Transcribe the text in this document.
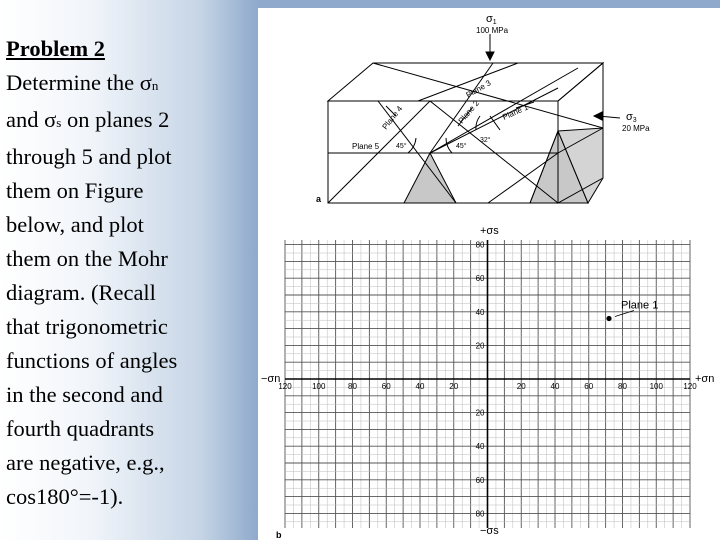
Problem 2
Determine the σn
and σs on planes 2
through 5 and plot
them on Figure
below, and plot
them on the Mohr
diagram. (Recall
that trigonometric
functions of angles
in the second and
fourth quadrants
are negative, e.g.,
cos180°=-1).
σ1
100 MPa
σ3
20 MPa
Plane 5
Plane 4
Plane 3
Plane 2	Plane 1
45°	45°
32°
a
120	100	80	60	40	20	20	40	60	80	100	120
80
60
40
20
20
40
60
80
Plane 1
+σs
−σs
−σn	+σn
b
